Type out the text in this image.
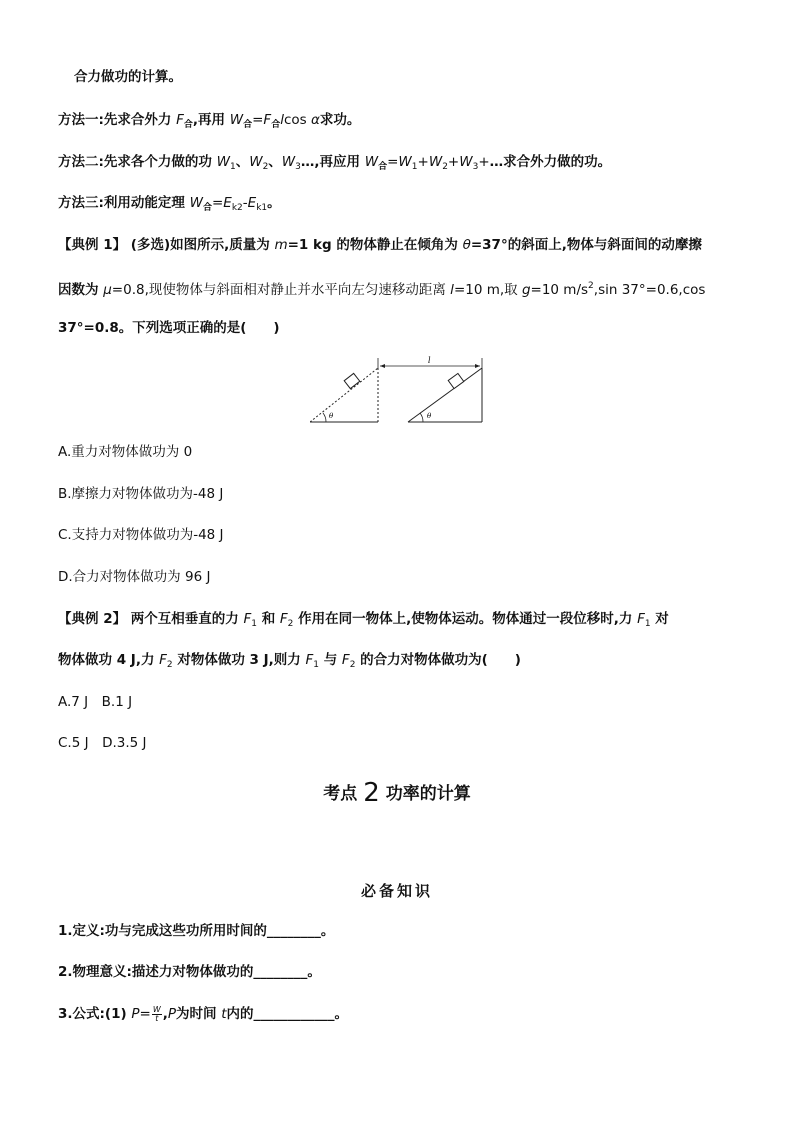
合力做功的计算。
方法一:先求合外力 $F_合$,再用 $W_合=F_合lcos$ α求功。
方法二:先求各个力做的功 $W_1$、$W_2$、$W_3\dots$,再应用 $W_合=W_1+W_2+W_3+\dots$求合外力做的功。
方法三:利用动能定理 $W_合=E_{k2}-E_{k1}$。
【典例 1】 (多选)如图所示,质量为 m=1 kg 的物体静止在倾角为 θ=37°的斜面上,物体与斜面间的动摩擦
因数为 μ=0.8,现使物体与斜面相对静止并水平向左匀速移动距离 l=10 m,取 g=10 $m/s^2,\sin$ 37°=0.6,cos
37°=0.8。下列选项正确的是(　　)
θ	θ
l
A.重力对物体做功为 0
B.摩擦力对物体做功为-48 J
C.支持力对物体做功为-48 J
D.合力对物体做功为 96 J
【典例 2】 两个互相垂直的力 $F_1$ 和 $F_2$ 作用在同一物体上,使物体运动。物体通过一段位移时,力 $F_1$ 对
物体做功 4 J,力 $F_2$ 对物体做功 3 J,则力 $F_1$ 与 $F_2$ 的合力对物体做功为(　　)
A.7 J　B.1 J
C.5 J　D.3.5 J
考点 2 功率的计算
必备知识
1.定义:功与完成这些功所用时间的________。
2.物理意义:描述力对物体做功的________。
3.公式:(1) $P= \frac{W}{t} ,P$为时间 t内的____________。
